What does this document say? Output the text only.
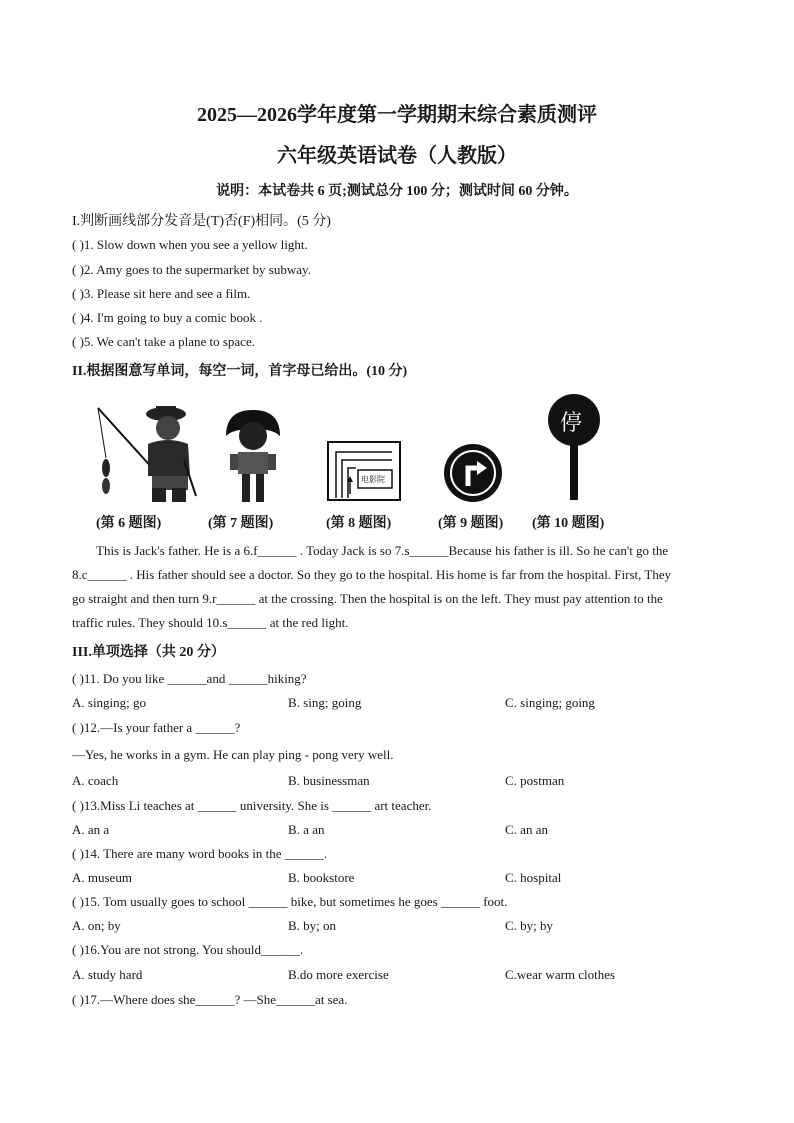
2025—2026学年度第一学期期末综合素质测评
六年级英语试卷（人教版）
说明：本试卷共 6 页;测试总分 100 分；测试时间 60 分钟。
I.判断画线部分发音是(T)否(F)相同。(5 分)
( )1. Slow down when you see a yellow light.
( )2. Amy goes to the supermarket by subway.
( )3. Please sit here and see a film.
( )4. I'm going to buy a comic book .
( )5. We can't take a plane to space.
II.根据图意写单词，每空一词，首字母已给出。(10 分)
电影院
停
(第 6 题图)	(第 7 题图)	(第 8 题图)	(第 9 题图) (第 10 题图)
This is Jack's father. He is a 6.f______ . Today Jack is so 7.s______Because his father is ill. So he can't go the
8.c______ . His father should see a doctor. So they go to the hospital. His home is far from the hospital. First, They
go straight and then turn 9.r______ at the crossing. Then the hospital is on the left. They must pay attention to the
traffic rules. They should 10.s______ at the red light.
III.单项选择（共 20 分）
( )11. Do you like ______and ______hiking?
A. singing; go	B. sing; going	C. singing; going
( )12.—Is your father a ______?
—Yes, he works in a gym. He can play ping - pong very well.
A. coach	B. businessman	C. postman
( )13.Miss Li teaches at ______ university. She is ______ art teacher.
A. an a	B. a an	C. an an
( )14. There are many word books in the ______.
A. museum	B. bookstore	C. hospital
( )15. Tom usually goes to school ______ bike, but sometimes he goes ______ foot.
A. on; by	B. by; on	C. by; by
( )16.You are not strong. You should______.
A. study hard	B.do more exercise	C.wear warm clothes
( )17.—Where does she______? —She______at sea.
